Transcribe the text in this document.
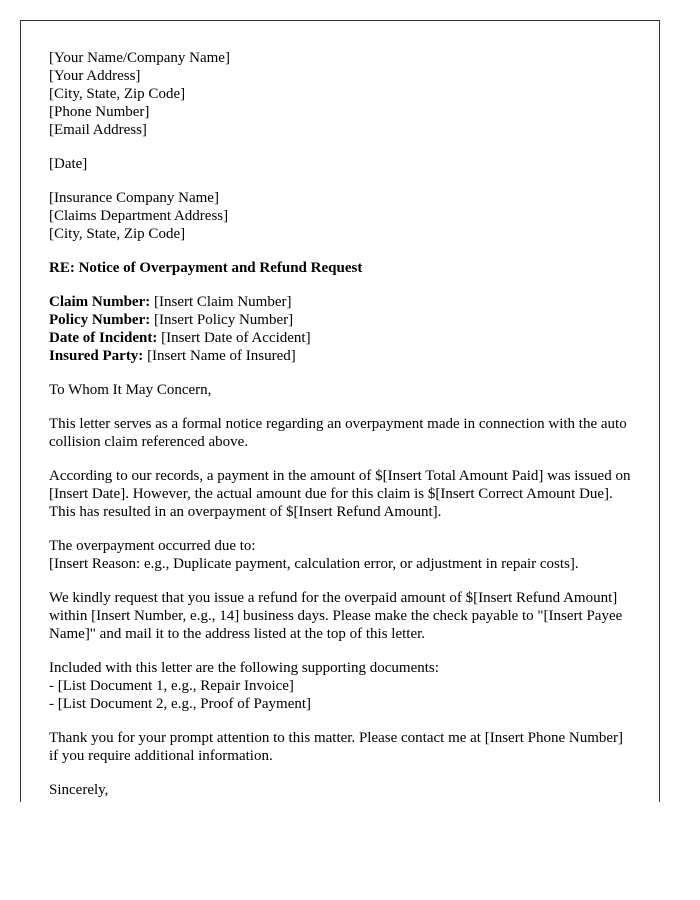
[Your Name/Company Name]
[Your Address]
[City, State, Zip Code]
[Phone Number]
[Email Address]

[Date]

[Insurance Company Name]
[Claims Department Address]
[City, State, Zip Code]

RE: Notice of Overpayment and Refund Request

Claim Number: [Insert Claim Number]
Policy Number: [Insert Policy Number]
Date of Incident: [Insert Date of Accident]
Insured Party: [Insert Name of Insured]

To Whom It May Concern,

This letter serves as a formal notice regarding an overpayment made in connection with the auto collision claim referenced above.

According to our records, a payment in the amount of $[Insert Total Amount Paid] was issued on [Insert Date]. However, the actual amount due for this claim is $[Insert Correct Amount Due]. This has resulted in an overpayment of $[Insert Refund Amount].

The overpayment occurred due to:
[Insert Reason: e.g., Duplicate payment, calculation error, or adjustment in repair costs].

We kindly request that you issue a refund for the overpaid amount of $[Insert Refund Amount] within [Insert Number, e.g., 14] business days. Please make the check payable to "[Insert Payee Name]" and mail it to the address listed at the top of this letter.

Included with this letter are the following supporting documents:
- [List Document 1, e.g., Repair Invoice]
- [List Document 2, e.g., Proof of Payment]

Thank you for your prompt attention to this matter. Please contact me at [Insert Phone Number] if you require additional information.

Sincerely,
